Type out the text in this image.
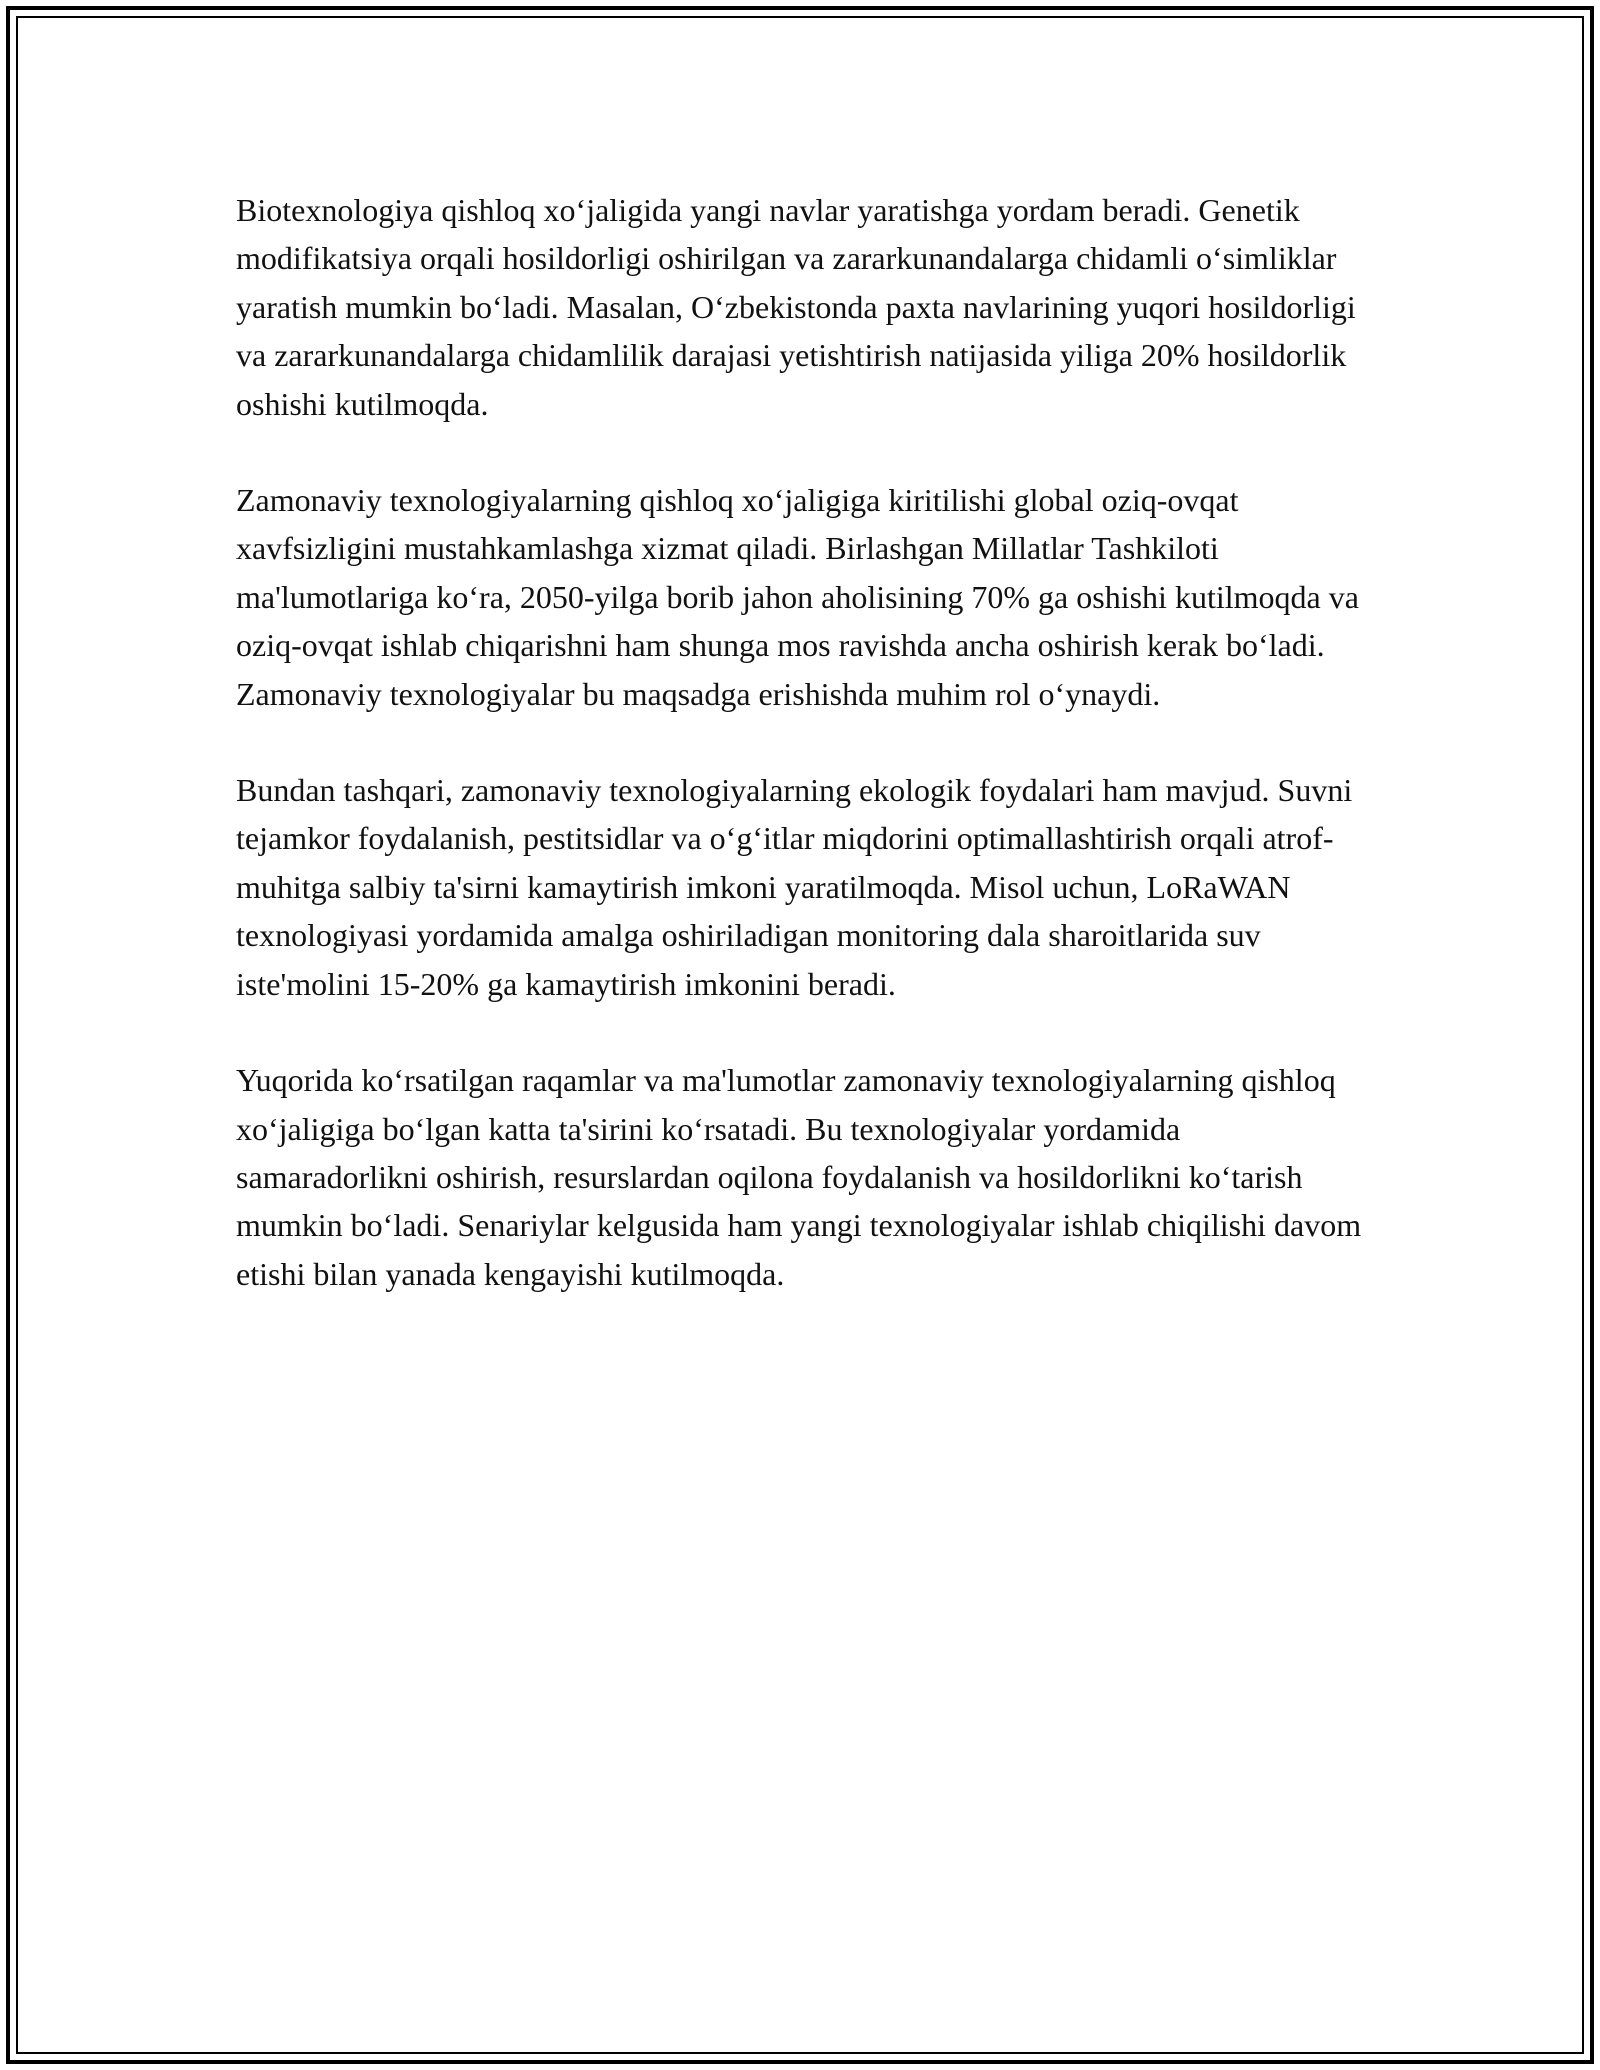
Biotexnologiya qishloq xo‘jaligida yangi navlar yaratishga yordam beradi. Genetik modifikatsiya orqali hosildorligi oshirilgan va zararkunandalarga chidamli o‘simliklar yaratish mumkin bo‘ladi. Masalan, O‘zbekistonda paxta navlarining yuqori hosildorligi va zararkunandalarga chidamlilik darajasi yetishtirish natijasida yiliga 20% hosildorlik oshishi kutilmoqda.

Zamonaviy texnologiyalarning qishloq xo‘jaligiga kiritilishi global oziq-ovqat xavfsizligini mustahkamlashga xizmat qiladi. Birlashgan Millatlar Tashkiloti ma'lumotlariga ko‘ra, 2050-yilga borib jahon aholisining 70% ga oshishi kutilmoqda va oziq-ovqat ishlab chiqarishni ham shunga mos ravishda ancha oshirish kerak bo‘ladi. Zamonaviy texnologiyalar bu maqsadga erishishda muhim rol o‘ynaydi.

Bundan tashqari, zamonaviy texnologiyalarning ekologik foydalari ham mavjud. Suvni tejamkor foydalanish, pestitsidlar va o‘g‘itlar miqdorini optimallashtirish orqali atrof-muhitga salbiy ta'sirni kamaytirish imkoni yaratilmoqda. Misol uchun, LoRaWAN texnologiyasi yordamida amalga oshiriladigan monitoring dala sharoitlarida suv iste'molini 15-20% ga kamaytirish imkonini beradi.

Yuqorida ko‘rsatilgan raqamlar va ma'lumotlar zamonaviy texnologiyalarning qishloq xo‘jaligiga bo‘lgan katta ta'sirini ko‘rsatadi. Bu texnologiyalar yordamida samaradorlikni oshirish, resurslardan oqilona foydalanish va hosildorlikni ko‘tarish mumkin bo‘ladi. Senariylar kelgusida ham yangi texnologiyalar ishlab chiqilishi davom etishi bilan yanada kengayishi kutilmoqda.
